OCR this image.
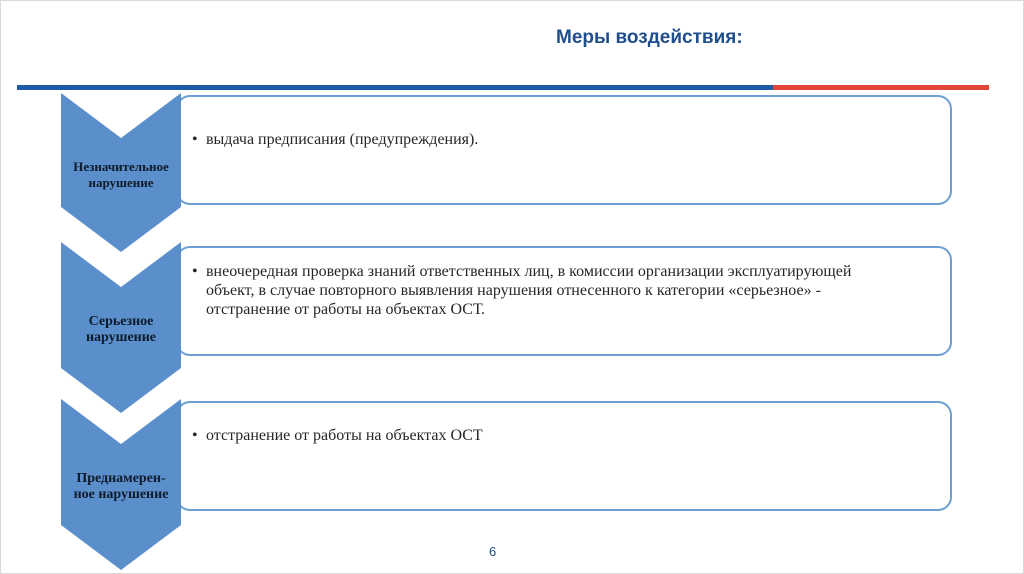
Меры воздействия:
• выдача предписания (предупреждения).
• внеочередная проверка знаний ответственных лиц, в комиссии организации эксплуатирующей объект, в случае повторного выявления нарушения отнесенного к категории «серьезное» - отстранение от работы на объектах ОСТ.
• отстранение от работы на объектах ОСТ
Незначительное
нарушение
Серьезное
нарушение
Преднамерен-
ное нарушение
6
